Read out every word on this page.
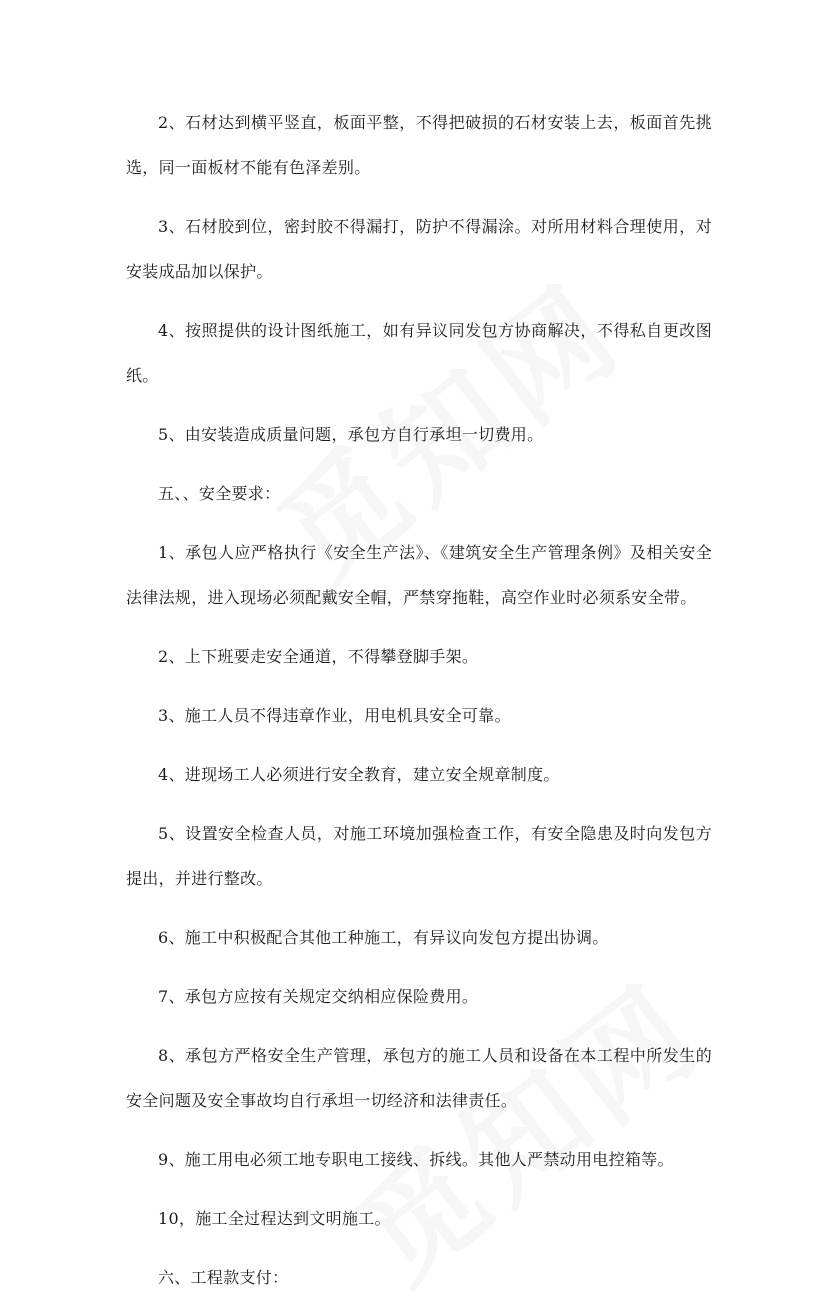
2、石材达到横平竖直，板面平整，不得把破损的石材安装上去，板面首先挑选，同一面板材不能有色泽差别。

3、石材胶到位，密封胶不得漏打，防护不得漏涂。对所用材料合理使用，对安装成品加以保护。

4、按照提供的设计图纸施工，如有异议同发包方协商解决，不得私自更改图纸。

5、由安装造成质量问题，承包方自行承坦一切费用。

五、、安全要求：

1、承包人应严格执行《安全生产法》、《建筑安全生产管理条例》及相关安全法律法规，进入现场必须配戴安全帽，严禁穿拖鞋，高空作业时必须系安全带。

2、上下班要走安全通道，不得攀登脚手架。

3、施工人员不得违章作业，用电机具安全可靠。

4、进现场工人必须进行安全教育，建立安全规章制度。

5、设置安全检查人员，对施工环境加强检查工作，有安全隐患及时向发包方提出，并进行整改。

6、施工中积极配合其他工种施工，有异议向发包方提出协调。

7、承包方应按有关规定交纳相应保险费用。

8、承包方严格安全生产管理，承包方的施工人员和设备在本工程中所发生的安全问题及安全事故均自行承坦一切经济和法律责任。

9、施工用电必须工地专职电工接线、拆线。其他人严禁动用电控箱等。

10，施工全过程达到文明施工。

六、工程款支付：
